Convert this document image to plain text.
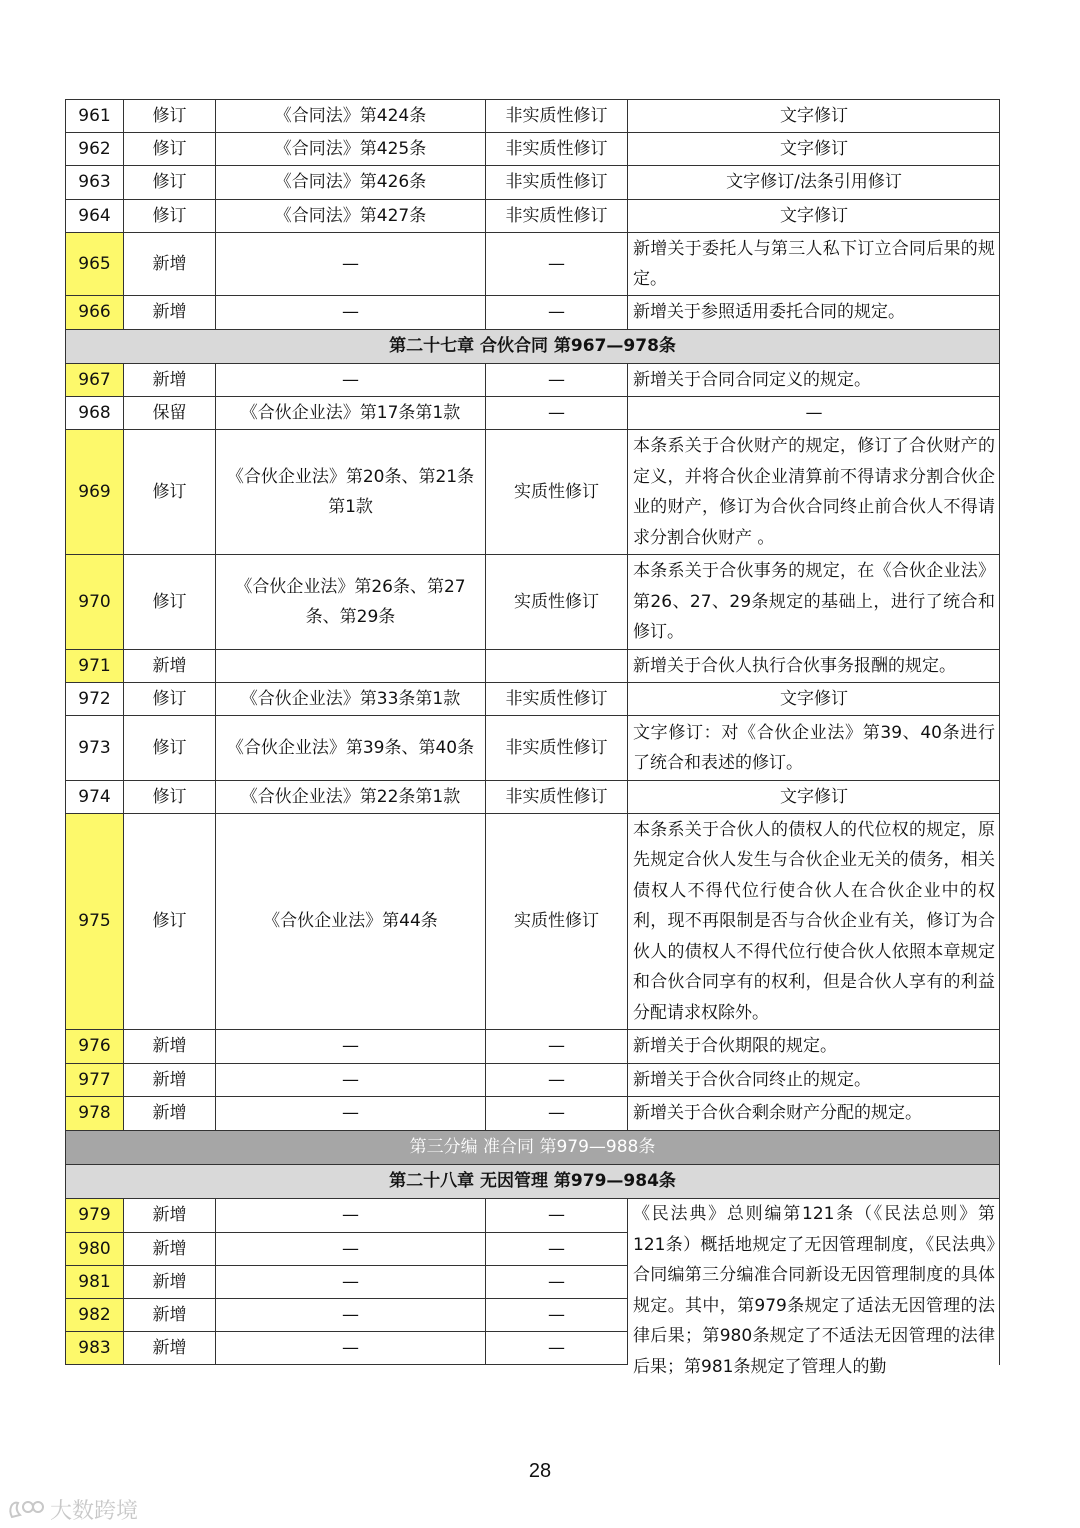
961	修订	《合同法》第424条	非实质性修订	文字修订
962	修订	《合同法》第425条	非实质性修订	文字修订
963	修订	《合同法》第426条	非实质性修订	文字修订/法条引用修订
964	修订	《合同法》第427条	非实质性修订	文字修订
965	新增	—	—	新增关于委托人与第三人私下订立合同后果的规定。
966	新增	—	—	新增关于参照适用委托合同的规定。
第二十七章 合伙合同 第967—978条				
967	新增	—	—	新增关于合同合同定义的规定。
968	保留	《合伙企业法》第17条第1款	—	—
969	修订	《合伙企业法》第20条、第21条第1款	实质性修订	本条系关于合伙财产的规定，修订了合伙财产的定义，并将合伙企业清算前不得请求分割合伙企业的财产，修订为合伙合同终止前合伙人不得请求分割合伙财产 。
970	修订	《合伙企业法》第26条、第27条、第29条	实质性修订	本条系关于合伙事务的规定，在《合伙企业法》第26、27、29条规定的基础上，进行了统合和修订。
971	新增			新增关于合伙人执行合伙事务报酬的规定。
972	修订	《合伙企业法》第33条第1款	非实质性修订	文字修订
973	修订	《合伙企业法》第39条、第40条	非实质性修订	文字修订：对《合伙企业法》第39、40条进行了统合和表述的修订。
974	修订	《合伙企业法》第22条第1款	非实质性修订	文字修订
975	修订	《合伙企业法》第44条	实质性修订	本条系关于合伙人的债权人的代位权的规定，原先规定合伙人发生与合伙企业无关的债务，相关债权人不得代位行使合伙人在合伙企业中的权利，现不再限制是否与合伙企业有关，修订为合伙人的债权人不得代位行使合伙人依照本章规定和合伙合同享有的权利，但是合伙人享有的利益分配请求权除外。
976	新增	—	—	新增关于合伙期限的规定。
977	新增	—	—	新增关于合伙合同终止的规定。
978	新增	—	—	新增关于合伙合剩余财产分配的规定。
第三分编 准合同 第979—988条				
第二十八章 无因管理 第979—984条				
979	新增	—	—	《民法典》总则编第121条（《民法总则》第121条）概括地规定了无因管理制度，《民法典》合同编第三分编准合同新设无因管理制度的具体规定。其中，第979条规定了适法无因管理的法律后果；第980条规定了不适法无因管理的法律后果；第981条规定了管理人的勤

980	新增	—	—	
981	新增	—	—	
982	新增	—	—	
983	新增	—	—	
28
大数跨境
